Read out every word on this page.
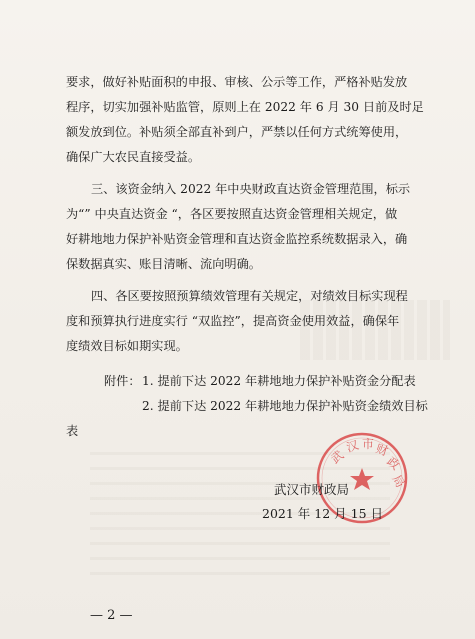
要求，做好补贴面积的申报、审核、公示等工作，严格补贴发放
程序，切实加强补贴监管，原则上在 2022 年 6 月 30 日前及时足
额发放到位。补贴须全部直补到户，严禁以任何方式统筹使用，
确保广大农民直接受益。
三、该资金纳入 2022 年中央财政直达资金管理范围，标示
为“” 中央直达资金 “，各区要按照直达资金管理相关规定，做
好耕地地力保护补贴资金管理和直达资金监控系统数据录入，确
保数据真实、账目清晰、流向明确。
四、各区要按照预算绩效管理有关规定，对绩效目标实现程
度和预算执行进度实行 “双监控”，提高资金使用效益，确保年
度绩效目标如期实现。
附件： 1. 提前下达 2022 年耕地地力保护补贴资金分配表
2. 提前下达 2022 年耕地地力保护补贴资金绩效目标
表
武
汉 市 财
政
局
武汉市财政局
2021 年 12 月 15 日
— 2 —
